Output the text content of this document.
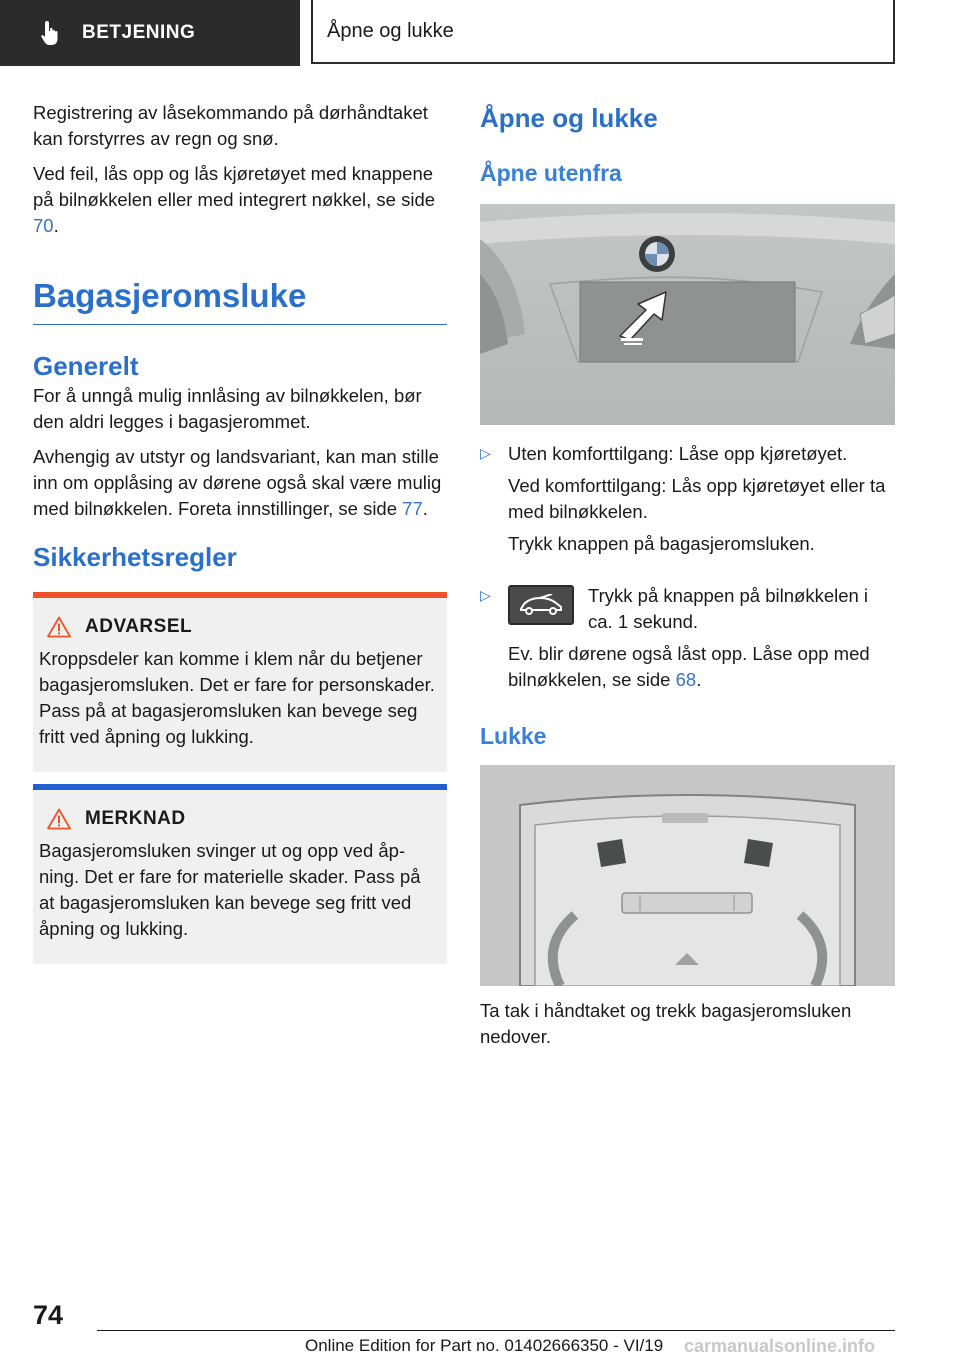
BETJENING	Åpne og lukke

Registrering av låsekommando på dørhåndtaket kan forstyrres av regn og snø.

Ved feil, lås opp og lås kjøretøyet med knappene på bilnøkkelen eller med integrert nøkkel, se side 70.

Bagasjeromsluke
Generelt

For å unngå mulig innlåsing av bilnøkkelen, bør den aldri legges i bagasjerommet.

Avhengig av utstyr og landsvariant, kan man stille inn om opplåsing av dørene også skal være mulig med bilnøkkelen. Foreta innstillinger, se side 77.

Sikkerhetsregler
ADVARSEL

Kroppsdeler kan komme i klem når du betjener bagasjeromsluken. Det er fare for personskader. Pass på at bagasjeromsluken kan bevege seg fritt ved åpning og lukking.

MERKNAD

Bagasjeromsluken svinger ut og opp ved åpning. Det er fare for materielle skader. Pass på at bagasjeromsluken kan bevege seg fritt ved åpning og lukking.

Åpne og lukke
Åpne utenfra
▷ Uten komforttilgang: Låse opp kjøretøyet.

Ved komforttilgang: Lås opp kjøretøyet eller ta med bilnøkkelen.

Trykk knappen på bagasjeromsluken.

▷	Trykk på knappen på bilnøkkelen i ca. 1 sekund.

Ev. blir dørene også låst opp. Låse opp med bilnøkkelen, se side 68.

Lukke

Ta tak i håndtaket og trekk bagasjeromsluken nedover.

74
Online Edition for Part no. 01402666350 - VI/19 carmanualsonline.info
